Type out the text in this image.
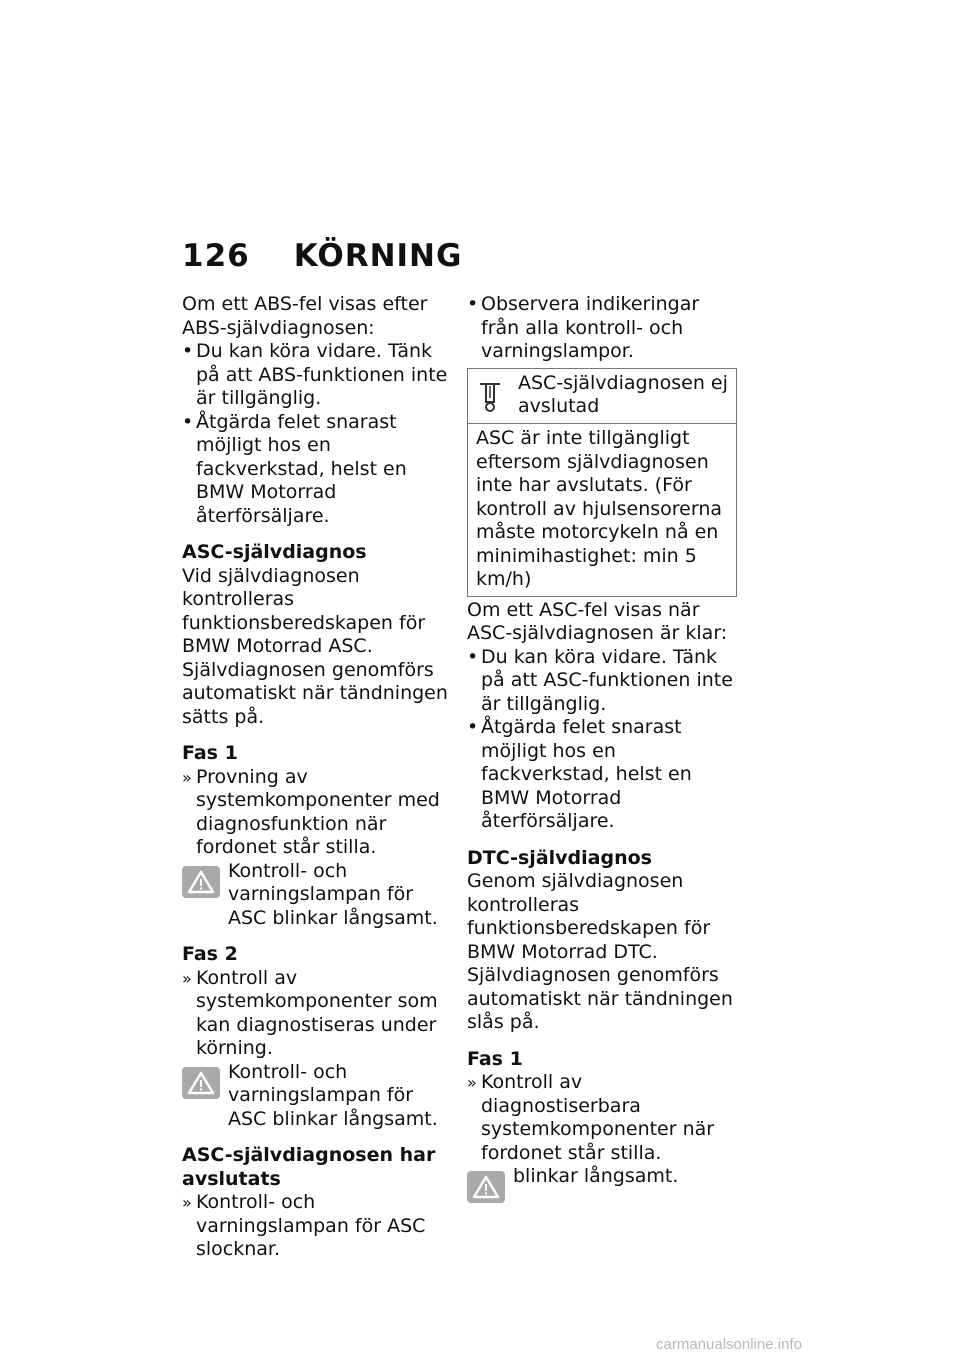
126 KÖRNING

Om ett ABS-fel visas efter ABS-självdiagnosen:

• Du kan köra vidare. Tänk på att ABS-funktionen inte är tillgänglig.

• Åtgärda felet snarast möjligt hos en fackverkstad, helst en BMW Motorrad återförsäljare.

ASC-självdiagnos

Vid självdiagnosen kontrolleras funktionsberedskapen för BMW Motorrad ASC. Självdiagnosen genomförs automatiskt när tändningen sätts på.

Fas 1

» Provning av systemkomponenter med diagnosfunktion när fordonet står stilla.

Kontroll- och varningslampan för ASC blinkar långsamt.

Fas 2

» Kontroll av systemkomponenter som kan diagnostiseras under körning.

Kontroll- och varningslampan för ASC blinkar långsamt.

ASC-självdiagnosen har avslutats

» Kontroll- och varningslampan för ASC slocknar.

• Observera indikeringar från alla kontroll- och varningslampor.

ASC-självdiagnosen ej avslutad

ASC är inte tillgängligt eftersom självdiagnosen inte har avslutats. (För kontroll av hjulsensorerna måste motorcykeln nå en minimihastighet: min 5 km/h)

Om ett ASC-fel visas när ASC-självdiagnosen är klar:

• Du kan köra vidare. Tänk på att ASC-funktionen inte är tillgänglig.

• Åtgärda felet snarast möjligt hos en fackverkstad, helst en BMW Motorrad återförsäljare.

DTC-självdiagnos

Genom självdiagnosen kontrolleras funktionsberedskapen för BMW Motorrad DTC. Självdiagnosen genomförs automatiskt när tändningen slås på.

Fas 1

» Kontroll av diagnostiserbara systemkomponenter när fordonet står stilla.

blinkar långsamt.

carmanualsonline.info
